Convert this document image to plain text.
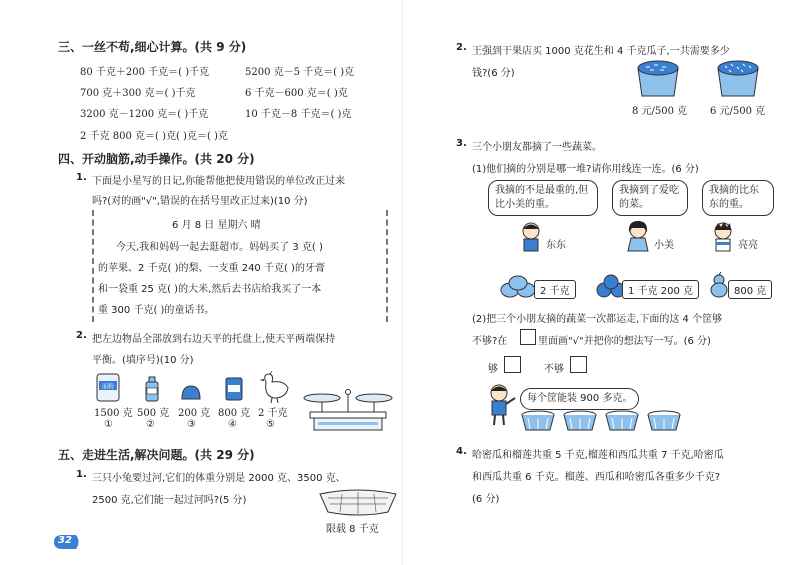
三、一丝不苟,细心计算。(共 9 分)
80 千克＋200 千克＝( )千克	5200 克－5 千克＝( )克
700 克＋300 克＝( )千克	6 千克－600 克＝( )克
3200 克－1200 克＝( )千克	10 千克－8 千克＝( )克
2 千克 800 克＝( )克( )克＝( )克
四、开动脑筋,动手操作。(共 20 分)
1. 下面是小星写的日记,你能帮他把使用错误的单位改正过来
吗?(对的画"√",错误的在括号里改正过来)(10 分)
6 月 8 日 星期六 晴
今天,我和妈妈一起去逛超市。妈妈买了 3 克( )
的苹果、2 千克( )的梨、一支重 240 千克( )的牙膏
和一袋重 25 克( )的大米,然后去书店给我买了一本
重 300 千克( )的童话书。
2. 把左边物品全部放到右边天平的托盘上,使天平两端保持
平衡。(填序号)(10 分)
面粉
1500 克 500 克 200 克 800 克 2 千克
①	②	③	④	⑤
五、走进生活,解决问题。(共 29 分)
1. 三只小兔要过河,它们的体重分别是 2000 克、3500 克、
2500 克,它们能一起过河吗?(5 分)
限载 8 千克
32
2. 王强到干果店买 1000 克花生和 4 千克瓜子,一共需要多少
钱?(6 分)
8 元/500 克 6 元/500 克
3. 三个小朋友都摘了一些蔬菜。
(1)他们摘的分别是哪一堆?请你用线连一连。(6 分)
我摘的不是最重的,但比小美的重。
我摘到了爱吃的菜。
我摘的比东东的重。
东东	小美	亮亮
2 千克	1 千克 200 克	800 克
(2)把三个小朋友摘的蔬菜一次都运走,下面的这 4 个筐够
不够?在	里面画"√"并把你的想法写一写。(6 分)
够	不够
每个筐能装 900 多克。
4. 哈密瓜和榴莲共重 5 千克,榴莲和西瓜共重 7 千克,哈密瓜
和西瓜共重 6 千克。榴莲、西瓜和哈密瓜各重多少千克?
(6 分)
